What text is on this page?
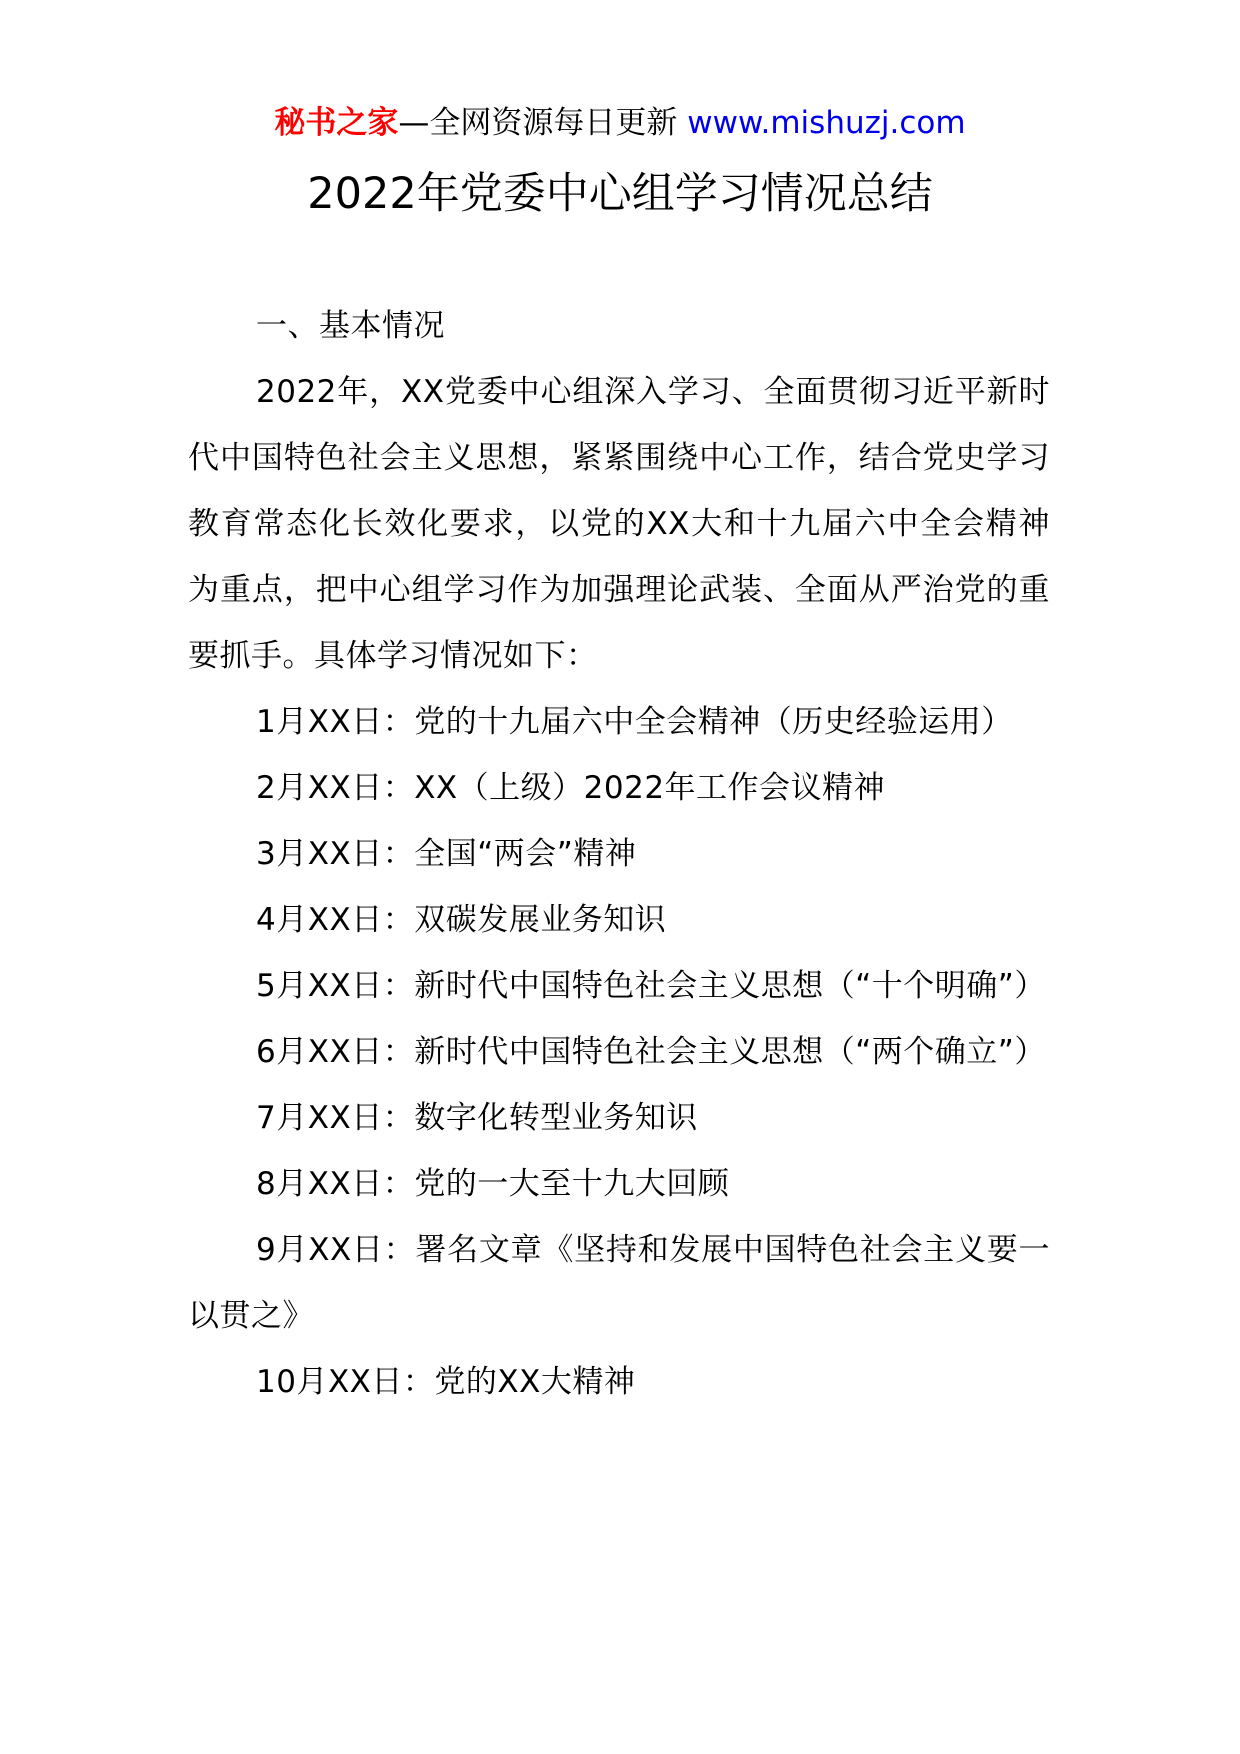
秘书之家—全网资源每日更新 www.mishuzj.com
2022年党委中心组学习情况总结

一、基本情况

2022年，XX党委中心组深入学习、全面贯彻习近平新时代中国特色社会主义思想，紧紧围绕中心工作，结合党史学习教育常态化长效化要求，以党的XX大和十九届六中全会精神为重点，把中心组学习作为加强理论武装、全面从严治党的重要抓手。具体学习情况如下：

1月XX日：党的十九届六中全会精神（历史经验运用）

2月XX日：XX（上级）2022年工作会议精神

3月XX日：全国“两会”精神

4月XX日：双碳发展业务知识

5月XX日：新时代中国特色社会主义思想（“十个明确”）

6月XX日：新时代中国特色社会主义思想（“两个确立”）

7月XX日：数字化转型业务知识

8月XX日：党的一大至十九大回顾

9月XX日：署名文章《坚持和发展中国特色社会主义要一以贯之》

10月XX日：党的XX大精神
